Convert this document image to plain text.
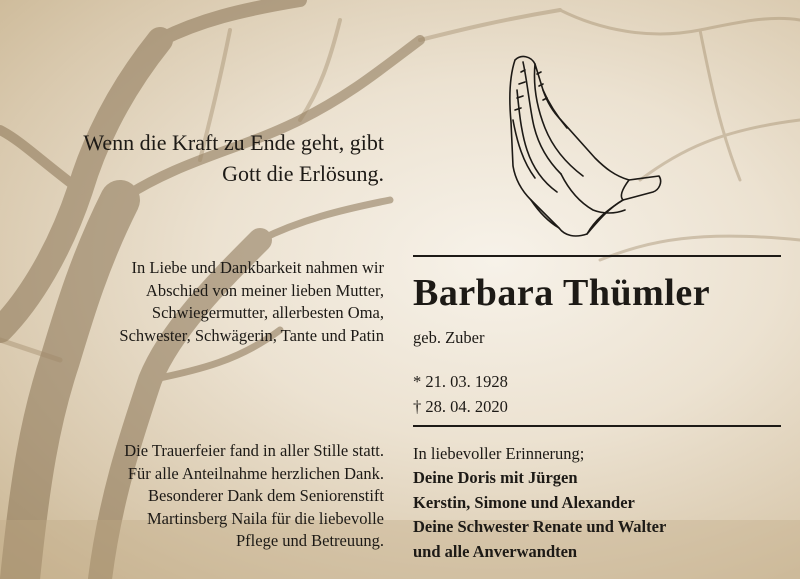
Wenn die Kraft zu Ende geht, gibt
Gott die Erlösung.
In Liebe und Dankbarkeit nahmen wir
Abschied von meiner lieben Mutter,
Schwiegermutter, allerbesten Oma,
Schwester, Schwägerin, Tante und Patin
Barbara Thümler
geb. Zuber
* 21. 03. 1928
† 28. 04. 2020
Die Trauerfeier fand in aller Stille statt.
Für alle Anteilnahme herzlichen Dank.
Besonderer Dank dem Seniorenstift
Martinsberg Naila für die liebevolle
Pflege und Betreuung.
In liebevoller Erinnerung;
Deine Doris mit Jürgen
Kerstin, Simone und Alexander
Deine Schwester Renate und Walter
und alle Anverwandten
